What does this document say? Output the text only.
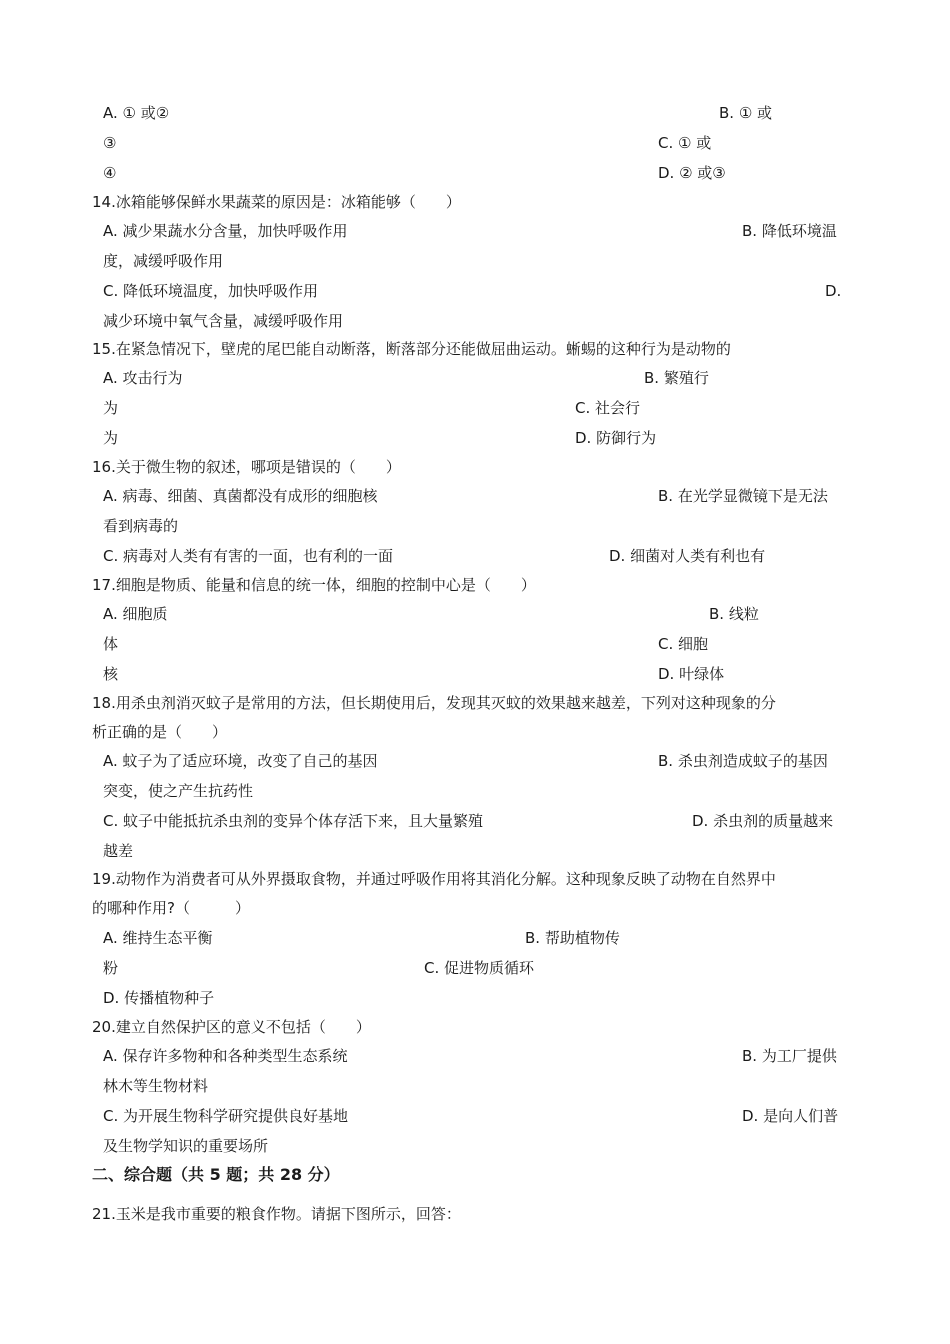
A. ① 或②	B. ① 或
③	C. ① 或
④	D. ② 或③
14.冰箱能够保鲜水果蔬菜的原因是：冰箱能够（　　）
A. 减少果蔬水分含量，加快呼吸作用	B. 降低环境温
度，减缓呼吸作用
C. 降低环境温度，加快呼吸作用	D.
减少环境中氧气含量，减缓呼吸作用
15.在紧急情况下，壁虎的尾巴能自动断落，断落部分还能做屈曲运动。蜥蜴的这种行为是动物的
A. 攻击行为	B. 繁殖行
为	C. 社会行
为	D. 防御行为
16.关于微生物的叙述，哪项是错误的（　　）
A. 病毒、细菌、真菌都没有成形的细胞核	B. 在光学显微镜下是无法
看到病毒的
C. 病毒对人类有有害的一面，也有利的一面	D. 细菌对人类有利也有
17.细胞是物质、能量和信息的统一体，细胞的控制中心是（　　）
A. 细胞质	B. 线粒
体	C. 细胞
核	D. 叶绿体
18.用杀虫剂消灭蚊子是常用的方法，但长期使用后，发现其灭蚊的效果越来越差，下列对这种现象的分
析正确的是（　　）
A. 蚊子为了适应环境，改变了自己的基因	B. 杀虫剂造成蚊子的基因
突变，使之产生抗药性
C. 蚊子中能抵抗杀虫剂的变异个体存活下来，且大量繁殖	D. 杀虫剂的质量越来
越差
19.动物作为消费者可从外界摄取食物，并通过呼吸作用将其消化分解。这种现象反映了动物在自然界中
的哪种作用?（　　　）
A. 维持生态平衡	B. 帮助植物传
粉	C. 促进物质循环
D. 传播植物种子
20.建立自然保护区的意义不包括（　　）
A. 保存许多物种和各种类型生态系统	B. 为工厂提供
林木等生物材料
C. 为开展生物科学研究提供良好基地	D. 是向人们普
及生物学知识的重要场所
二、综合题（共 5 题；共 28 分）
21.玉米是我市重要的粮食作物。请据下图所示，回答：
